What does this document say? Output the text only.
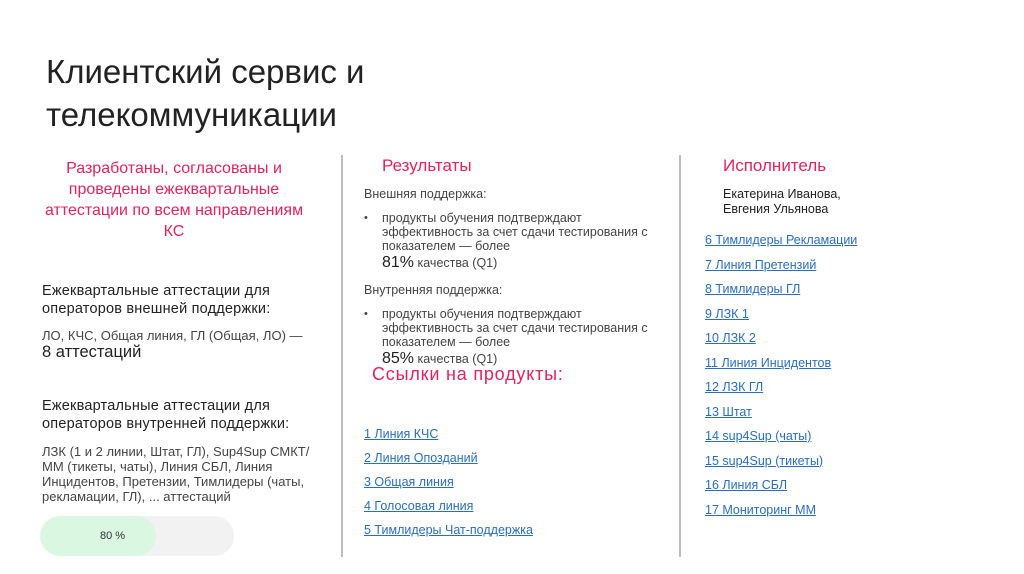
Клиентский сервис и
телекоммуникации

Разработаны, согласованы и проведены ежеквартальные аттестации по всем направлениям КС

Ежеквартальные аттестации для операторов внешней поддержки:
ЛО, КЧС, Общая линия, ГЛ (Общая, ЛО) — 8 аттестаций
Ежеквартальные аттестации для операторов внутренней поддержки:
ЛЗК (1 и 2 линии, Штат, ГЛ), Sup4Sup СМКТ/ММ (тикеты, чаты), Линия СБЛ, Линия Инцидентов, Претензии, Тимлидеры (чаты, рекламации, ГЛ), ... аттестаций
Результаты
Внешняя поддержка:
•	продукты обучения подтверждают эффективность за счет сдачи тестирования с показателем — более
81% качества (Q1)
Внутренняя поддержка:
•	продукты обучения подтверждают эффективность за счет сдачи тестирования с показателем — более
85% качества (Q1)
Ссылки на продукты:
1 Линия КЧС
2 Линия Опозданий
3 Общая линия
4 Голосовая линия
5 Тимлидеры Чат-поддержка
Исполнитель
Екатерина Иванова,
Евгения Ульянова
6 Тимлидеры Рекламации
7 Линия Претензий
8 Тимлидеры ГЛ
9 ЛЗК 1
10 ЛЗК 2
11 Линия Инцидентов
12 ЛЗК ГЛ
13 Штат
14 sup4Sup (чаты)
15 sup4Sup (тикеты)
16 Линия СБЛ
17 Мониторинг ММ
80 %
